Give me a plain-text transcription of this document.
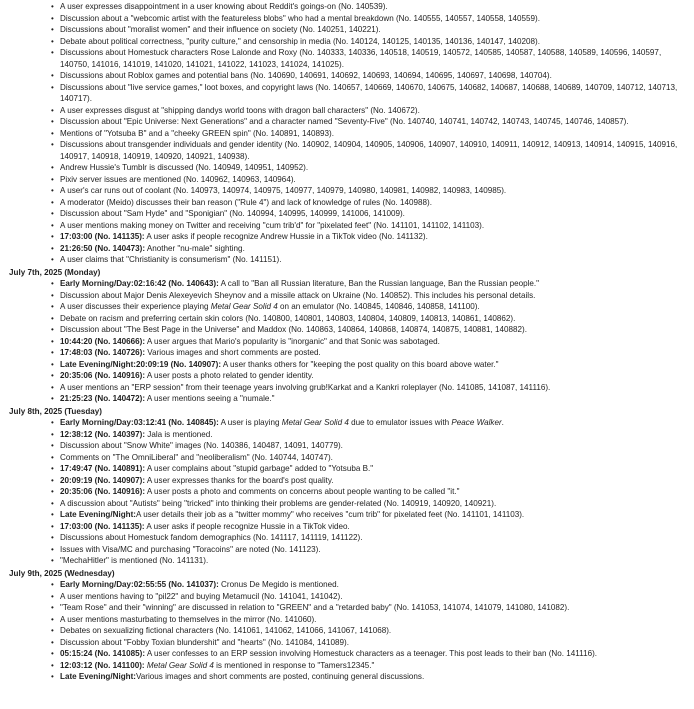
• A user expresses disappointment in a user knowing about Reddit's goings-on (No. 140539).
• Discussion about a "webcomic artist with the featureless blobs" who had a mental breakdown (No. 140555, 140557, 140558, 140559).
• Discussions about "moralist women" and their influence on society (No. 140251, 140221).
• Debate about political correctness, "purity culture," and censorship in media (No. 140124, 140125, 140135, 140136, 140147, 140208).
• Discussions about Homestuck characters Rose Lalonde and Roxy (No. 140333, 140336, 140518, 140519, 140572, 140585, 140587, 140588, 140589, 140596, 140597, 140750, 141016, 141019, 141020, 141021, 141022, 141023, 141024, 141025).
• Discussions about Roblox games and potential bans (No. 140690, 140691, 140692, 140693, 140694, 140695, 140697, 140698, 140704).
• Discussions about "live service games," loot boxes, and copyright laws (No. 140657, 140669, 140670, 140675, 140682, 140687, 140688, 140689, 140709, 140712, 140713, 140717).
• A user expresses disgust at "shipping dandys world toons with dragon ball characters" (No. 140672).
• Discussion about "Epic Universe: Next Generations" and a character named "Seventy-Five" (No. 140740, 140741, 140742, 140743, 140745, 140746, 140857).
• Mentions of "Yotsuba B" and a "cheeky GREEN spin" (No. 140891, 140893).
• Discussions about transgender individuals and gender identity (No. 140902, 140904, 140905, 140906, 140907, 140910, 140911, 140912, 140913, 140914, 140915, 140916, 140917, 140918, 140919, 140920, 140921, 140938).
• Andrew Hussie's Tumblr is discussed (No. 140949, 140951, 140952).
• Pixiv server issues are mentioned (No. 140962, 140963, 140964).
• A user's car runs out of coolant (No. 140973, 140974, 140975, 140977, 140979, 140980, 140981, 140982, 140983, 140985).
• A moderator (Meido) discusses their ban reason ("Rule 4") and lack of knowledge of rules (No. 140988).
• Discussion about "Sam Hyde" and "Sponigian" (No. 140994, 140995, 140999, 141006, 141009).
• A user mentions making money on Twitter and receiving "cum trib'd" for "pixelated feet" (No. 141101, 141102, 141103).
• 17:03:00 (No. 141135): A user asks if people recognize Andrew Hussie in a TikTok video (No. 141132).
• 21:26:50 (No. 140473): Another "nu-male" sighting.
• A user claims that "Christianity is consumerism" (No. 141151).
July 7th, 2025 (Monday)
• Early Morning/Day:02:16:42 (No. 140643): A call to "Ban all Russian literature, Ban the Russian language, Ban the Russian people."
• Discussion about Major Denis Alexeyevich Sheynov and a missile attack on Ukraine (No. 140852). This includes his personal details.
• A user discusses their experience playing Metal Gear Solid 4 on an emulator (No. 140845, 140846, 140858, 141100).
• Debate on racism and preferring certain skin colors (No. 140800, 140801, 140803, 140804, 140809, 140813, 140861, 140862).
• Discussion about "The Best Page in the Universe" and Maddox (No. 140863, 140864, 140868, 140874, 140875, 140881, 140882).
• 10:44:20 (No. 140666): A user argues that Mario's popularity is "inorganic" and that Sonic was sabotaged.
• 17:48:03 (No. 140726): Various images and short comments are posted.
• Late Evening/Night:20:09:19 (No. 140907): A user thanks others for "keeping the post quality on this board above water."
• 20:35:06 (No. 140916): A user posts a photo related to gender identity.
• A user mentions an "ERP session" from their teenage years involving grub!Karkat and a Kankri roleplayer (No. 141085, 141087, 141116).
• 21:25:23 (No. 140472): A user mentions seeing a "numale."
July 8th, 2025 (Tuesday)
• Early Morning/Day:03:12:41 (No. 140845): A user is playing Metal Gear Solid 4 due to emulator issues with Peace Walker.
• 12:38:12 (No. 140397): Jala is mentioned.
• Discussion about "Snow White" images (No. 140386, 140487, 14091, 140779).
• Comments on "The OmniLiberal" and "neoliberalism" (No. 140744, 140747).
• 17:49:47 (No. 140891): A user complains about "stupid garbage" added to "Yotsuba B."
• 20:09:19 (No. 140907): A user expresses thanks for the board's post quality.
• 20:35:06 (No. 140916): A user posts a photo and comments on concerns about people wanting to be called "it."
• A discussion about "Autists" being "tricked" into thinking their problems are gender-related (No. 140919, 140920, 140921).
• Late Evening/Night:A user details their job as a "twitter mommy" who receives "cum trib" for pixelated feet (No. 141101, 141103).
• 17:03:00 (No. 141135): A user asks if people recognize Hussie in a TikTok video.
• Discussions about Homestuck fandom demographics (No. 141117, 141119, 141122).
• Issues with Visa/MC and purchasing "Toracoins" are noted (No. 141123).
• "MechaHitler" is mentioned (No. 141131).
July 9th, 2025 (Wednesday)
• Early Morning/Day:02:55:55 (No. 141037): Cronus De Megido is mentioned.
• A user mentions having to "pil22" and buying Metamucil (No. 141041, 141042).
• "Team Rose" and their "winning" are discussed in relation to "GREEN" and a "retarded baby" (No. 141053, 141074, 141079, 141080, 141082).
• A user mentions masturbating to themselves in the mirror (No. 141060).
• Debates on sexualizing fictional characters (No. 141061, 141062, 141066, 141067, 141068).
• Discussion about "Fobby Toxian blundershit" and "hearts" (No. 141084, 141089).
• 05:15:24 (No. 141085): A user confesses to an ERP session involving Homestuck characters as a teenager. This post leads to their ban (No. 141116).
• 12:03:12 (No. 141100): Metal Gear Solid 4 is mentioned in response to "Tamers12345."
• Late Evening/Night:Various images and short comments are posted, continuing general discussions.
